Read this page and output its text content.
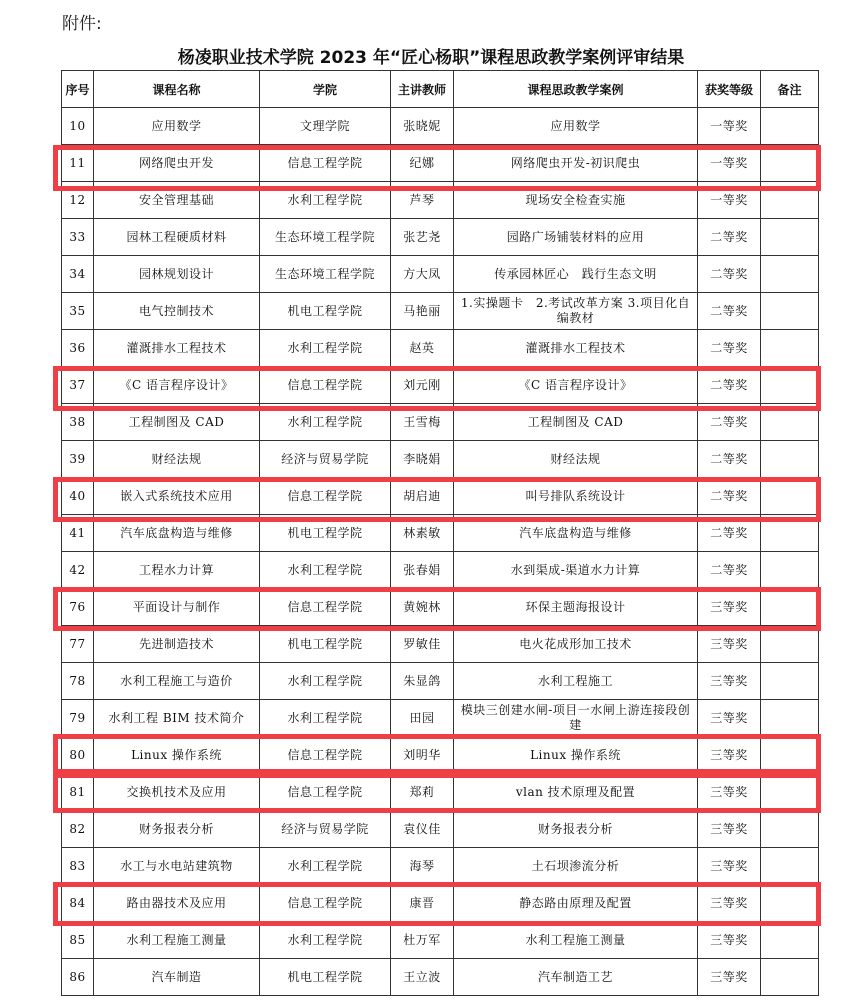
附件:
杨凌职业技术学院 2023 年“匠心杨职”课程思政教学案例评审结果
序号	课程名称	学院	主讲教师	课程思政教学案例	获奖等级	备注
10	应用数学	文理学院	张晓妮	应用数学	一等奖	
11	网络爬虫开发	信息工程学院	纪娜	网络爬虫开发-初识爬虫	一等奖	
12	安全管理基础	水利工程学院	芦琴	现场安全检查实施	一等奖	
33	园林工程硬质材料	生态环境工程学院	张艺尧	园路广场铺装材料的应用	二等奖	
34	园林规划设计	生态环境工程学院	方大凤	传承园林匠心　践行生态文明	二等奖	
35	电气控制技术	机电工程学院	马艳丽	1.实操题卡　2.考试改革方案 3.项目化自编教材	二等奖	
36	灌溉排水工程技术	水利工程学院	赵英	灌溉排水工程技术	二等奖	
37	《C 语言程序设计》	信息工程学院	刘元刚	《C 语言程序设计》	二等奖	
38	工程制图及 CAD	水利工程学院	王雪梅	工程制图及 CAD	二等奖	
39	财经法规	经济与贸易学院	李晓娟	财经法规	二等奖	
40	嵌入式系统技术应用	信息工程学院	胡启迪	叫号排队系统设计	二等奖	
41	汽车底盘构造与维修	机电工程学院	林素敏	汽车底盘构造与维修	二等奖	
42	工程水力计算	水利工程学院	张春娟	水到渠成-渠道水力计算	二等奖	
76	平面设计与制作	信息工程学院	黄婉林	环保主题海报设计	三等奖	
77	先进制造技术	机电工程学院	罗敏佳	电火花成形加工技术	三等奖	
78	水利工程施工与造价	水利工程学院	朱显鸽	水利工程施工	三等奖	
79	水利工程 BIM 技术简介	水利工程学院	田园	模块三创建水闸-项目一水闸上游连接段创建	三等奖	
80	Linux 操作系统	信息工程学院	刘明华	Linux 操作系统	三等奖	
81	交换机技术及应用	信息工程学院	郑莉	vlan 技术原理及配置	三等奖	
82	财务报表分析	经济与贸易学院	袁仪佳	财务报表分析	三等奖	
83	水工与水电站建筑物	水利工程学院	海琴	土石坝渗流分析	三等奖	
84	路由器技术及应用	信息工程学院	康晋	静态路由原理及配置	三等奖	
85	水利工程施工测量	水利工程学院	杜万军	水利工程施工测量	三等奖	
86	汽车制造	机电工程学院	王立波	汽车制造工艺	三等奖	
